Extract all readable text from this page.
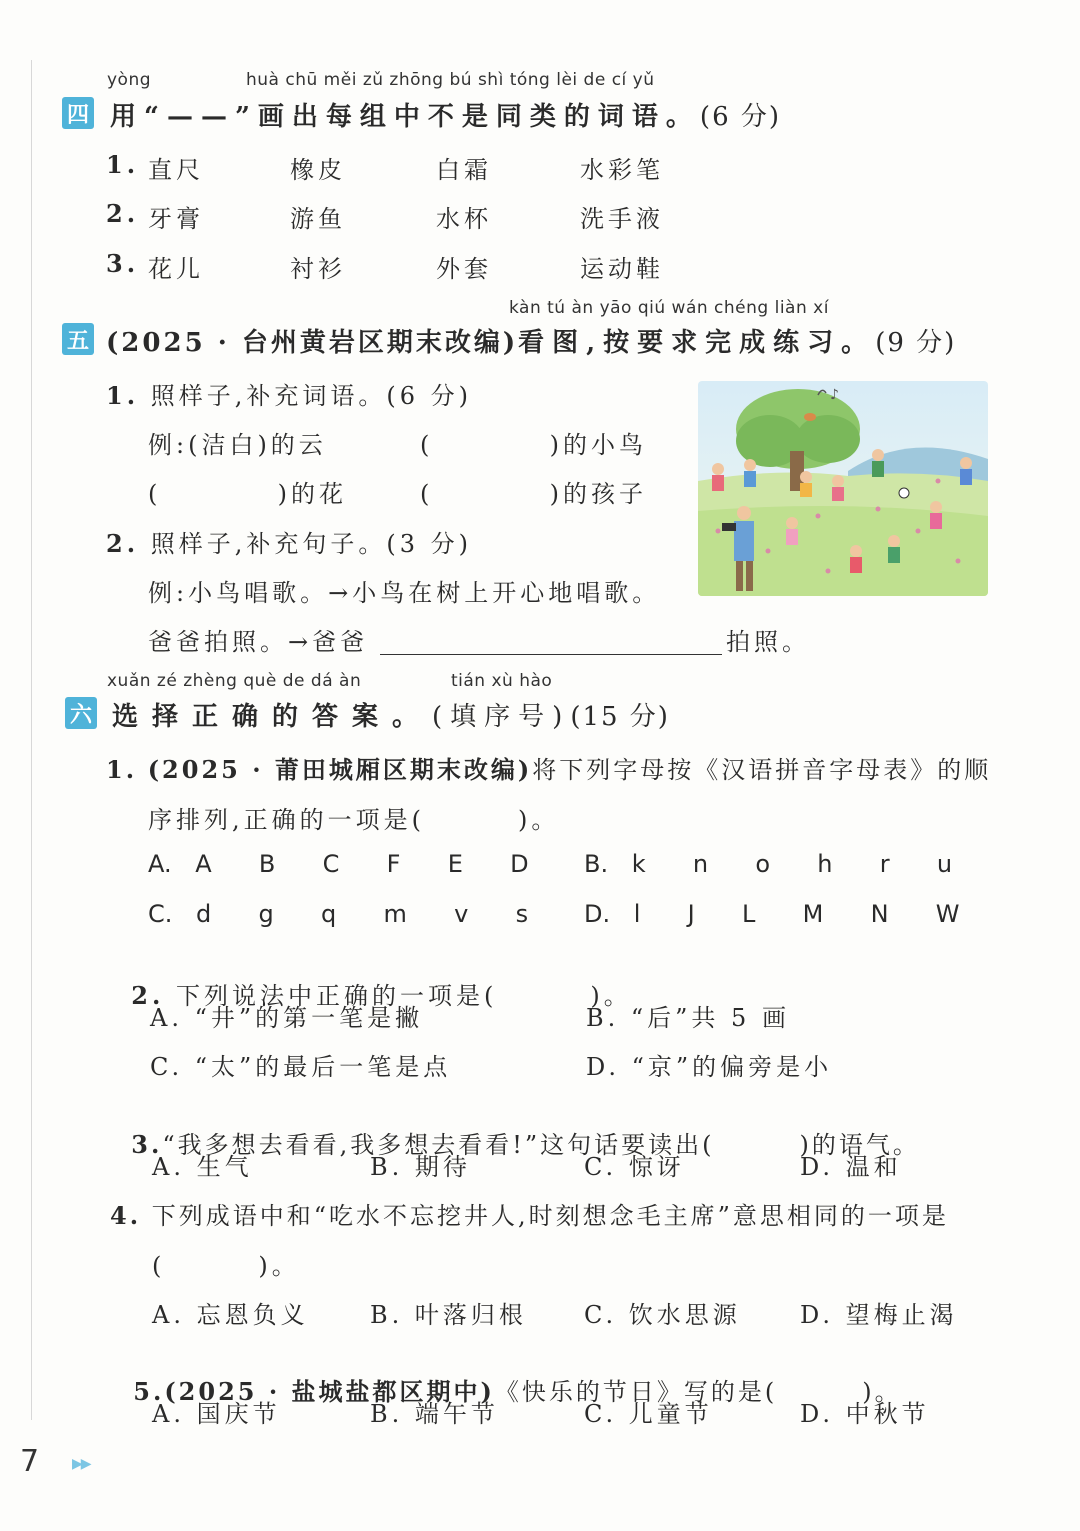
yòng	huà chū měi zǔ zhōng bú shì tóng lèi de cí yǔ
四 用“——”画出每组中不是同类的词语。(6 分)
1. 直尺	橡皮	白霜	水彩笔
2. 牙膏	游鱼	水杯	洗手液
3. 花儿	衬衫	外套	运动鞋
kàn tú àn yāo qiú wán chéng liàn xí
五 (2025 · 台州黄岩区期末改编)看图,按要求完成练习。(9 分)
1. 照样子,补充词语。(6 分)
例:(洁白)的云	(          )的小鸟
(          )的花	(          )的孩子
2. 照样子,补充句子。(3 分)
例:小鸟唱歌。→小鸟在树上开心地唱歌。
爸爸拍照。→爸爸	拍照。
♪
xuǎn zé zhèng què de dá àn	tián xù hào
六 选择正确的答案。(填序号)(15 分)
1. (2025 · 莆田城厢区期末改编)将下列字母按《汉语拼音字母表》的顺
序排列,正确的一项是(        )。
A. A  B  C  F  E  D B. k  n  o  h  r  u
C. d  g  q  m  v  s D. l  J  L  M  N  W

2. 下列说法中正确的一项是(        )。

A. “井”的第一笔是撇	B. “后”共 5 画
C. “太”的最后一笔是点	D. “京”的偏旁是小

3.“我多想去看看,我多想去看看!”这句话要读出(        )的语气。

A. 生气	B. 期待	C. 惊讶	D. 温和
4. 下列成语中和“吃水不忘挖井人,时刻想念毛主席”意思相同的一项是
(        )。
A. 忘恩负义	B. 叶落归根 C. 饮水思源 D. 望梅止渴

5.(2025 · 盐城盐都区期中)《快乐的节日》写的是(        )。

A. 国庆节	B. 端午节	C. 儿童节	D. 中秋节
7 ▶▶
